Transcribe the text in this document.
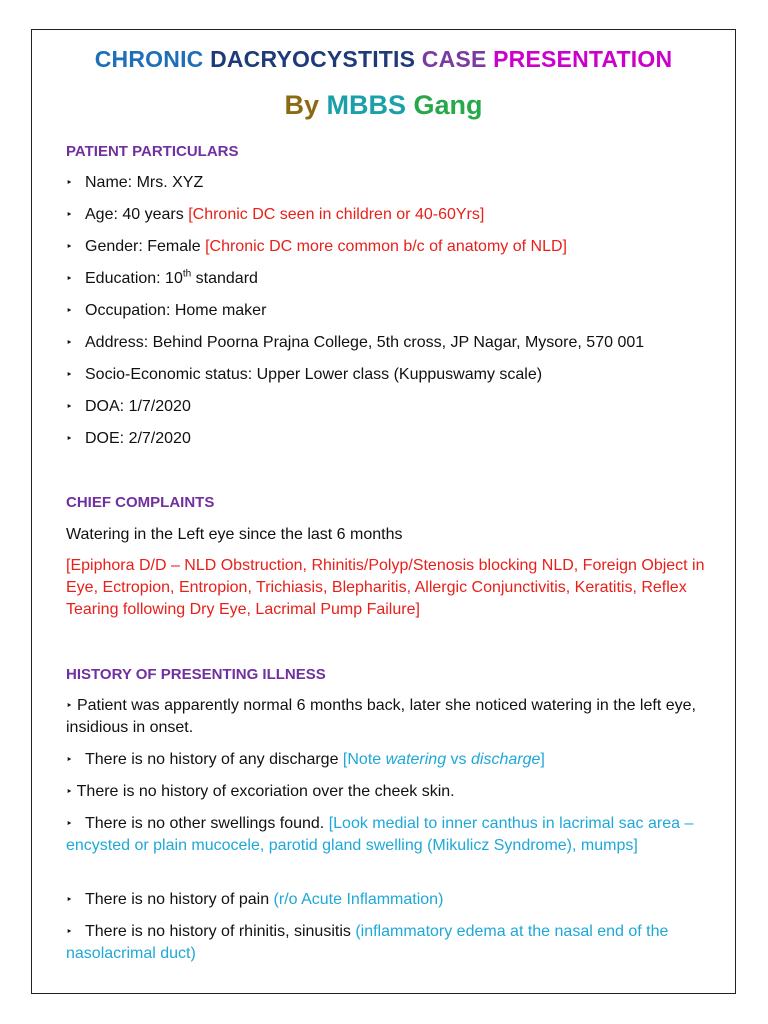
CHRONIC DACRYOCYSTITIS CASE PRESENTATION
By MBBS Gang
PATIENT PARTICULARS
‣ Name: Mrs. XYZ
‣ Age: 40 years [Chronic DC seen in children or 40-60Yrs]
‣ Gender: Female [Chronic DC more common b/c of anatomy of NLD]
‣ Education: 10th standard
‣ Occupation: Home maker
‣ Address: Behind Poorna Prajna College, 5th cross, JP Nagar, Mysore, 570 001
‣ Socio-Economic status: Upper Lower class (Kuppuswamy scale)
‣ DOA: 1/7/2020
‣ DOE: 2/7/2020
CHIEF COMPLAINTS
Watering in the Left eye since the last 6 months
[Epiphora D/D – NLD Obstruction, Rhinitis/Polyp/Stenosis blocking NLD, Foreign Object in Eye, Ectropion, Entropion, Trichiasis, Blepharitis, Allergic Conjunctivitis, Keratitis, Reflex Tearing following Dry Eye, Lacrimal Pump Failure]
HISTORY OF PRESENTING ILLNESS
‣ Patient was apparently normal 6 months back, later she noticed watering in the left eye, insidious in onset.
‣ There is no history of any discharge [Note watering vs discharge]
‣ There is no history of excoriation over the cheek skin.
‣ There is no other swellings found. [Look medial to inner canthus in lacrimal sac area – encysted or plain mucocele, parotid gland swelling (Mikulicz Syndrome), mumps]
‣ There is no history of pain (r/o Acute Inflammation)
‣ There is no history of rhinitis, sinusitis (inflammatory edema at the nasal end of the nasolacrimal duct)
